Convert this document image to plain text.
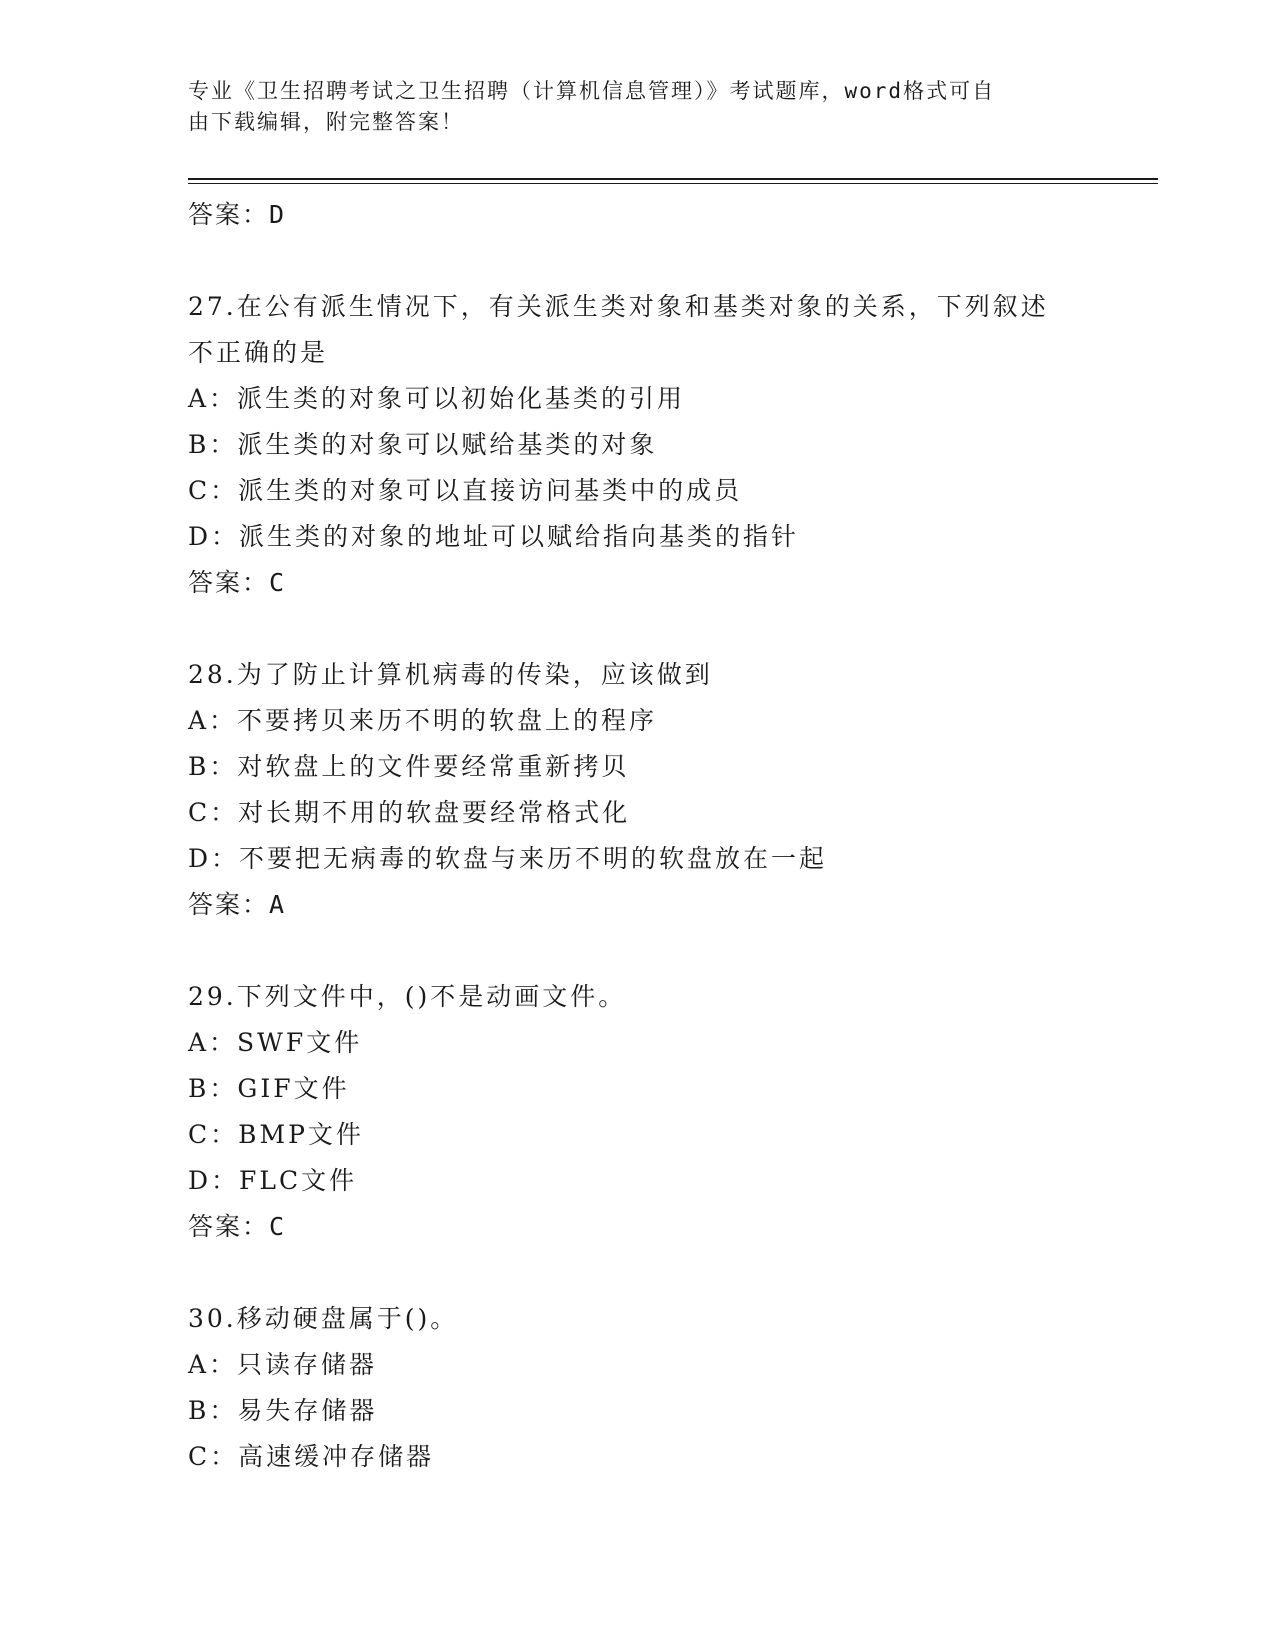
专业《卫生招聘考试之卫生招聘（计算机信息管理）》考试题库，word格式可自
由下载编辑，附完整答案！
答案：D
27.在公有派生情况下，有关派生类对象和基类对象的关系，下列叙述
不正确的是
A：派生类的对象可以初始化基类的引用
B：派生类的对象可以赋给基类的对象
C：派生类的对象可以直接访问基类中的成员
D：派生类的对象的地址可以赋给指向基类的指针
答案：C
28.为了防止计算机病毒的传染，应该做到
A：不要拷贝来历不明的软盘上的程序
B：对软盘上的文件要经常重新拷贝
C：对长期不用的软盘要经常格式化
D：不要把无病毒的软盘与来历不明的软盘放在一起
答案：A
29.下列文件中，()不是动画文件。
A：SWF文件
B：GIF文件
C：BMP文件
D：FLC文件
答案：C
30.移动硬盘属于()。
A：只读存储器
B：易失存储器
C：高速缓冲存储器
